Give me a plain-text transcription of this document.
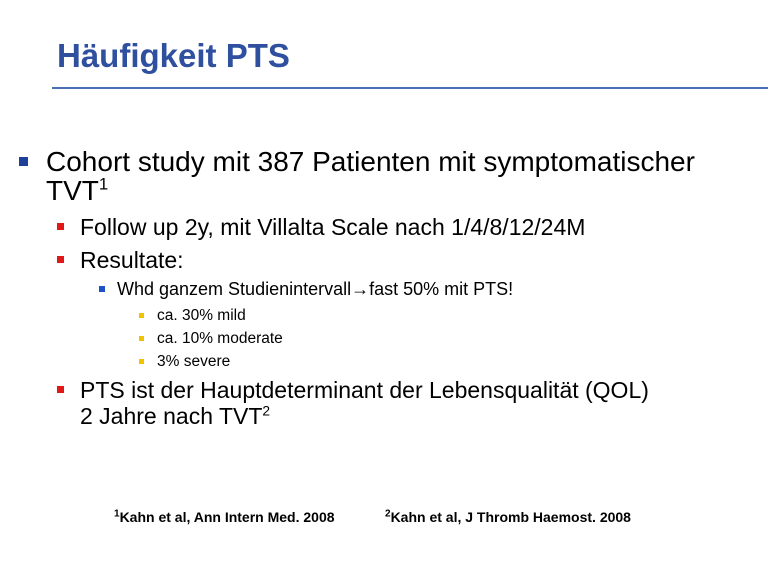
Häufigkeit PTS
Cohort study mit 387 Patienten mit symptomatischer
TVT$^1$
Follow up 2y, mit Villalta Scale nach 1/4/8/12/24M
Resultate:
Whd ganzem Studienintervall→fast 50% mit PTS!
ca. 30% mild
ca. 10% moderate
3% severe
PTS ist der Hauptdeterminant der Lebensqualität (QOL)
2 Jahre nach TVT$^2$
$^1$Kahn et al, Ann Intern Med. 2008	$^2$Kahn et al, J Thromb Haemost. 2008
